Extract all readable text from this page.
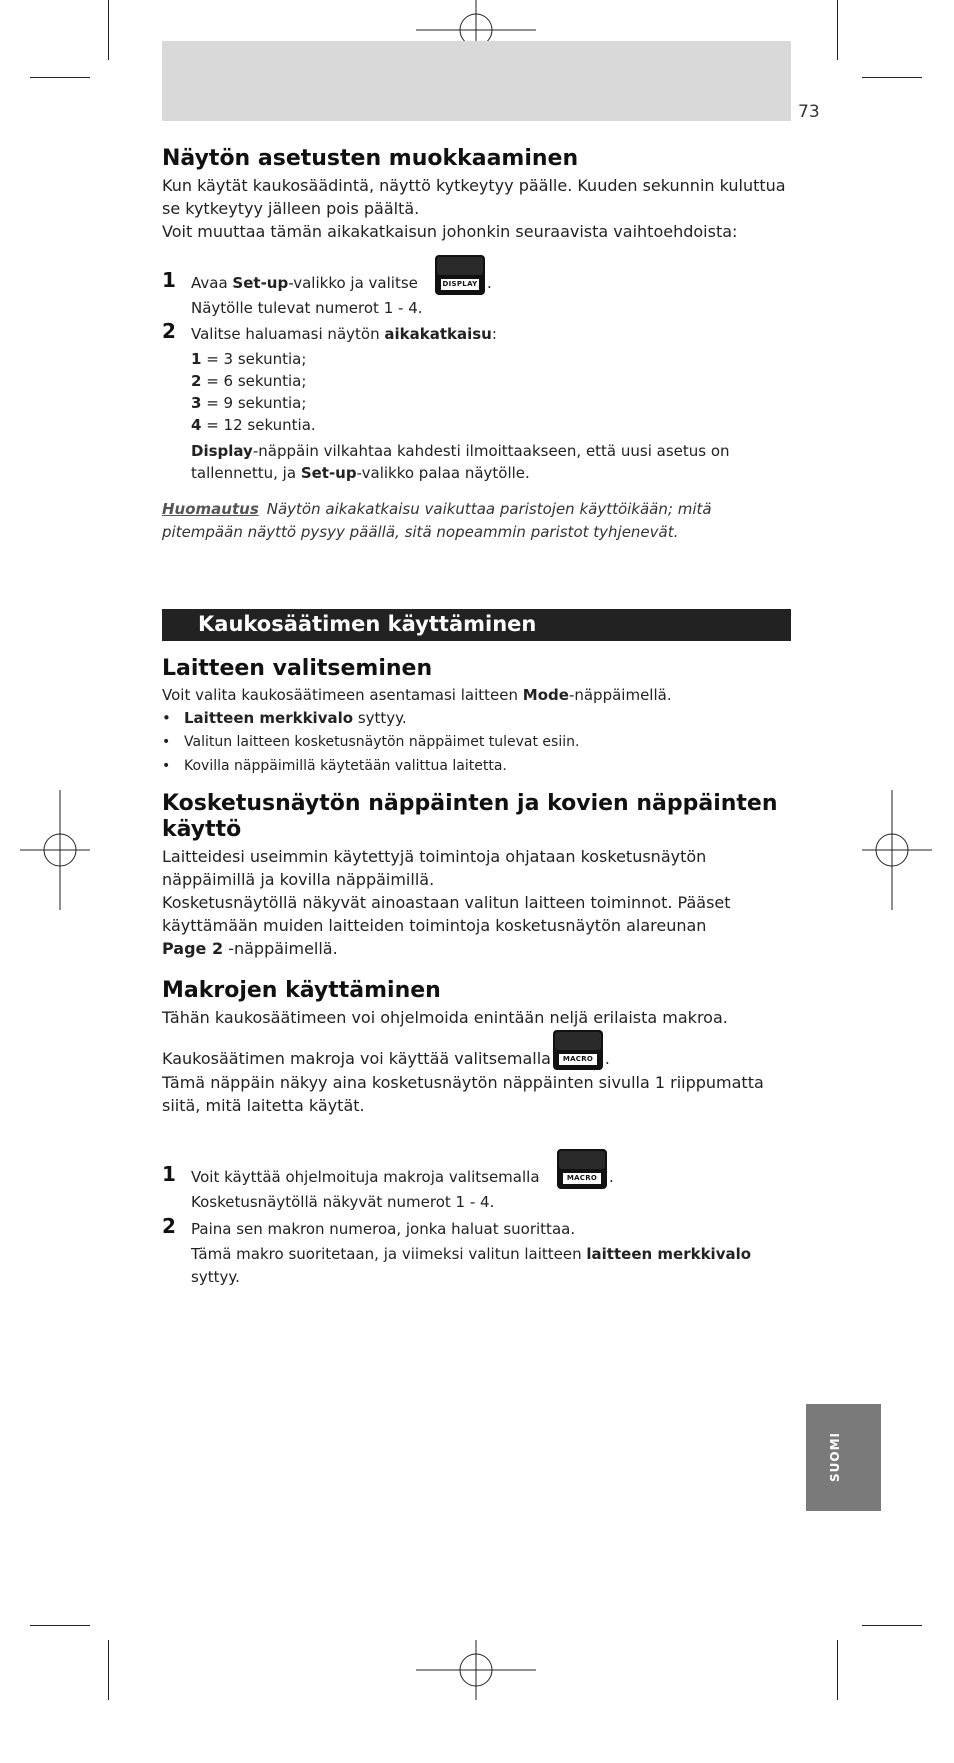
73
Näytön asetusten muokkaaminen

Kun käytät kaukosäädintä, näyttö kytkeytyy päälle. Kuuden sekunnin kuluttua

se kytkeytyy jälleen pois päältä.

Voit muuttaa tämän aikakatkaisun johonkin seuraavista vaihtoehdoista:

1 Avaa Set-up-valikko ja valitse	DISPLAY .
Näytölle tulevat numerot 1 - 4.
2 Valitse haluamasi näytön aikakatkaisu:
1 = 3 sekuntia;
2 = 6 sekuntia;
3 = 9 sekuntia;
4 = 12 sekuntia.
Display-näppäin vilkahtaa kahdesti ilmoittaakseen, että uusi asetus on
tallennettu, ja Set-up-valikko palaa näytölle.
Huomautus Näytön aikakatkaisu vaikuttaa paristojen käyttöikään; mitä
pitempään näyttö pysyy päällä, sitä nopeammin paristot tyhjenevät.
Kaukosäätimen käyttäminen
Laitteen valitseminen

Voit valita kaukosäätimeen asentamasi laitteen Mode-näppäimellä.

• Laitteen merkkivalo syttyy.
• Valitun laitteen kosketusnäytön näppäimet tulevat esiin.
• Kovilla näppäimillä käytetään valittua laitetta.
Kosketusnäytön näppäinten ja kovien näppäinten
käyttö

Laitteidesi useimmin käytettyjä toimintoja ohjataan kosketusnäytön

näppäimillä ja kovilla näppäimillä.

Kosketusnäytöllä näkyvät ainoastaan valitun laitteen toiminnot. Pääset

käyttämään muiden laitteiden toimintoja kosketusnäytön alareunan

Page 2 -näppäimellä.

Makrojen käyttäminen

Tähän kaukosäätimeen voi ohjelmoida enintään neljä erilaista makroa.

Kaukosäätimen makroja voi käyttää valitsemalla	MACRO .

Tämä näppäin näkyy aina kosketusnäytön näppäinten sivulla 1 riippumatta

siitä, mitä laitetta käytät.

1 Voit käyttää ohjelmoituja makroja valitsemalla	MACRO .
Kosketusnäytöllä näkyvät numerot 1 - 4.
2 Paina sen makron numeroa, jonka haluat suorittaa.
Tämä makro suoritetaan, ja viimeksi valitun laitteen laitteen merkkivalo
syttyy.
SUOMI
